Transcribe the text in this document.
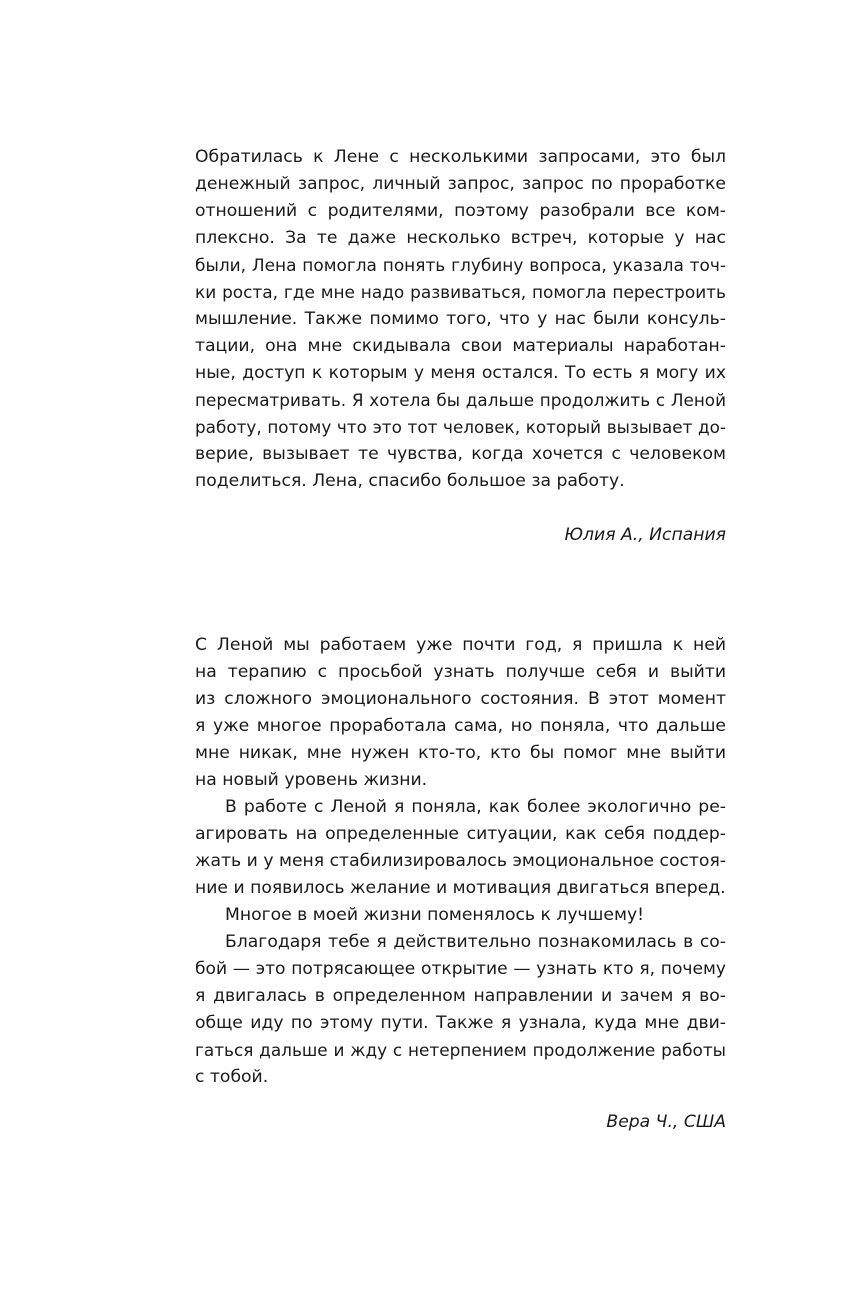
Обратилась к Лене с несколькими запросами, это был
денежный запрос, личный запрос, запрос по проработке
отношений с родителями, поэтому разобрали все ком-
плексно. За те даже несколько встреч, которые у нас
были, Лена помогла понять глубину вопроса, указала точ-
ки роста, где мне надо развиваться, помогла перестроить
мышление. Также помимо того, что у нас были консуль-
тации, она мне скидывала свои материалы наработан-
ные, доступ к которым у меня остался. То есть я могу их
пересматривать. Я хотела бы дальше продолжить с Леной
работу, потому что это тот человек, который вызывает до-
верие, вызывает те чувства, когда хочется с человеком
поделиться. Лена, спасибо большое за работу.
Юлия А., Испания
С Леной мы работаем уже почти год, я пришла к ней
на терапию с просьбой узнать получше себя и выйти
из сложного эмоционального состояния. В этот момент
я уже многое проработала сама, но поняла, что дальше
мне никак, мне нужен кто-то, кто бы помог мне выйти
на новый уровень жизни.
В работе с Леной я поняла, как более экологично ре-
агировать на определенные ситуации, как себя поддер-
жать и у меня стабилизировалось эмоциональное состоя-
ние и появилось желание и мотивация двигаться вперед.
Многое в моей жизни поменялось к лучшему!
Благодаря тебе я действительно познакомилась в со-
бой — это потрясающее открытие — узнать кто я, почему
я двигалась в определенном направлении и зачем я во-
обще иду по этому пути. Также я узнала, куда мне дви-
гаться дальше и жду с нетерпением продолжение работы
с тобой.
Вера Ч., США
